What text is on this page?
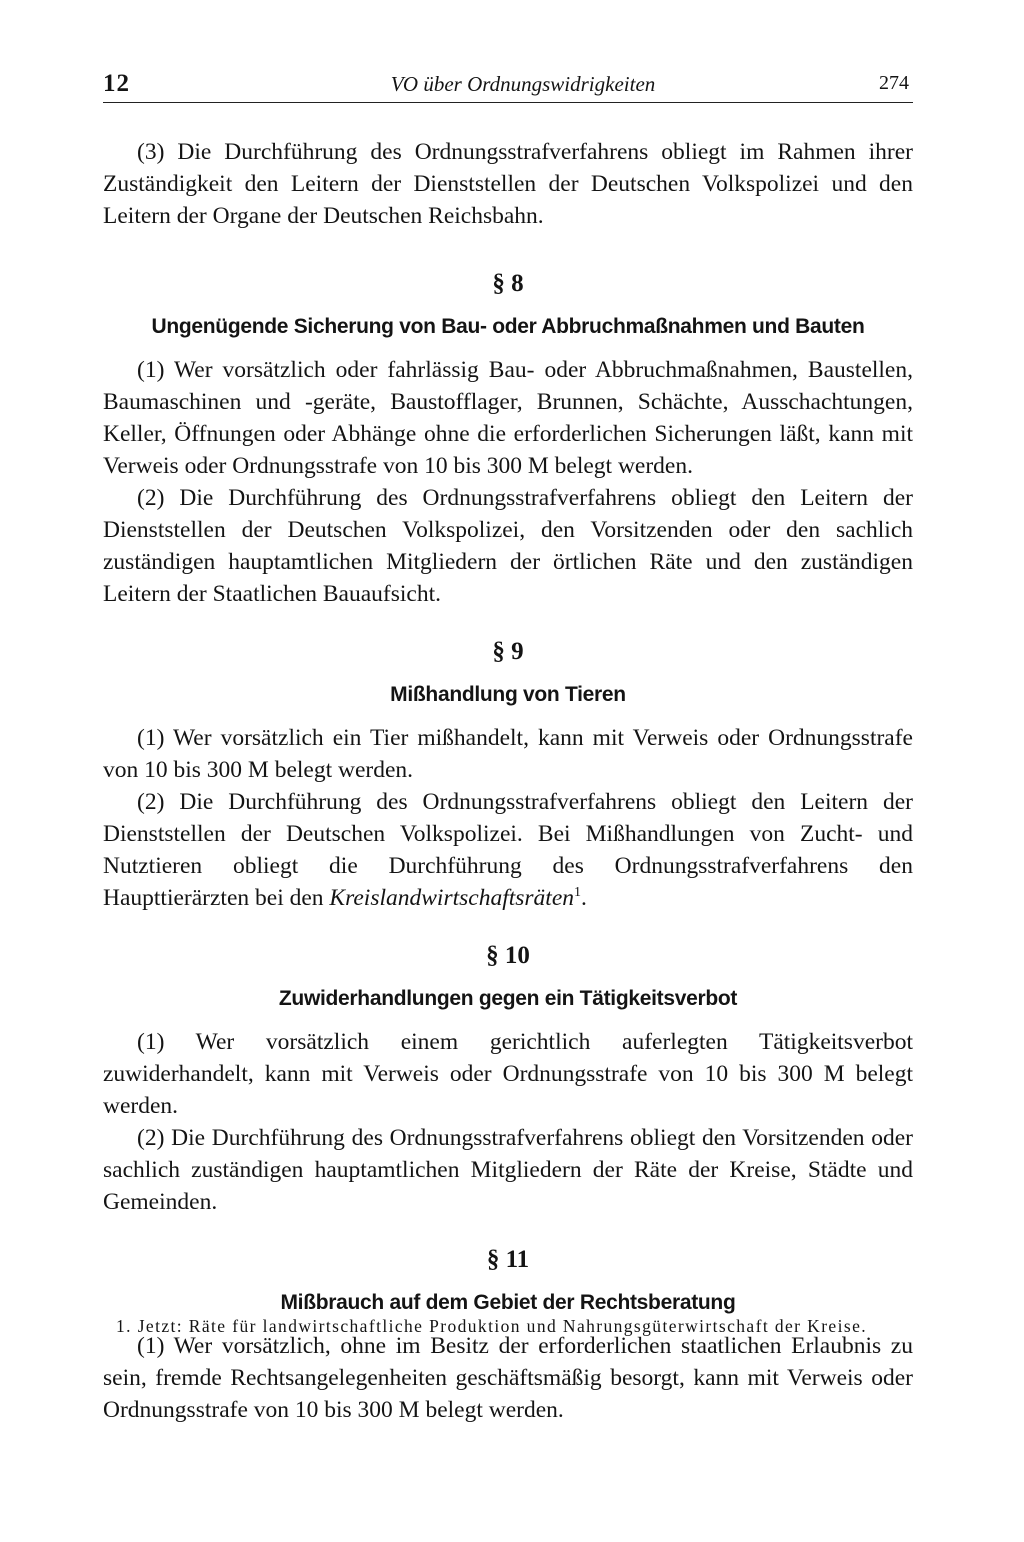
12	VO über Ordnungswidrigkeiten	274

(3) Die Durchführung des Ordnungsstrafverfahrens obliegt im Rahmen ihrer Zuständigkeit den Leitern der Dienststellen der Deutschen Volkspolizei und den Leitern der Organe der Deutschen Reichsbahn.

§ 8

Ungenügende Sicherung von Bau- oder Abbruchmaßnahmen und Bauten

(1) Wer vorsätzlich oder fahrlässig Bau- oder Abbruchmaßnahmen, Baustellen, Baumaschinen und -geräte, Baustofflager, Brunnen, Schächte, Ausschachtungen, Keller, Öffnungen oder Abhänge ohne die erforderlichen Sicherungen läßt, kann mit Verweis oder Ordnungsstrafe von 10 bis 300 M belegt werden.

(2) Die Durchführung des Ordnungsstrafverfahrens obliegt den Leitern der Dienststellen der Deutschen Volkspolizei, den Vorsitzenden oder den sachlich zuständigen hauptamtlichen Mitgliedern der örtlichen Räte und den zuständigen Leitern der Staatlichen Bauaufsicht.

§ 9

Mißhandlung von Tieren

(1) Wer vorsätzlich ein Tier mißhandelt, kann mit Verweis oder Ordnungsstrafe von 10 bis 300 M belegt werden.

(2) Die Durchführung des Ordnungsstrafverfahrens obliegt den Leitern der Dienststellen der Deutschen Volkspolizei. Bei Mißhandlungen von Zucht- und Nutztieren obliegt die Durchführung des Ordnungsstrafverfahrens den Haupttierärzten bei den Kreislandwirtschaftsräten$^1$.

§ 10

Zuwiderhandlungen gegen ein Tätigkeitsverbot

(1) Wer vorsätzlich einem gerichtlich auferlegten Tätigkeitsverbot zuwiderhandelt, kann mit Verweis oder Ordnungsstrafe von 10 bis 300 M belegt werden.

(2) Die Durchführung des Ordnungsstrafverfahrens obliegt den Vorsitzenden oder sachlich zuständigen hauptamtlichen Mitgliedern der Räte der Kreise, Städte und Gemeinden.

§ 11

Mißbrauch auf dem Gebiet der Rechtsberatung

(1) Wer vorsätzlich, ohne im Besitz der erforderlichen staatlichen Erlaubnis zu sein, fremde Rechtsangelegenheiten geschäftsmäßig besorgt, kann mit Verweis oder Ordnungsstrafe von 10 bis 300 M belegt werden.

1. Jetzt: Räte für landwirtschaftliche Produktion und Nahrungsgüterwirtschaft der Kreise.
